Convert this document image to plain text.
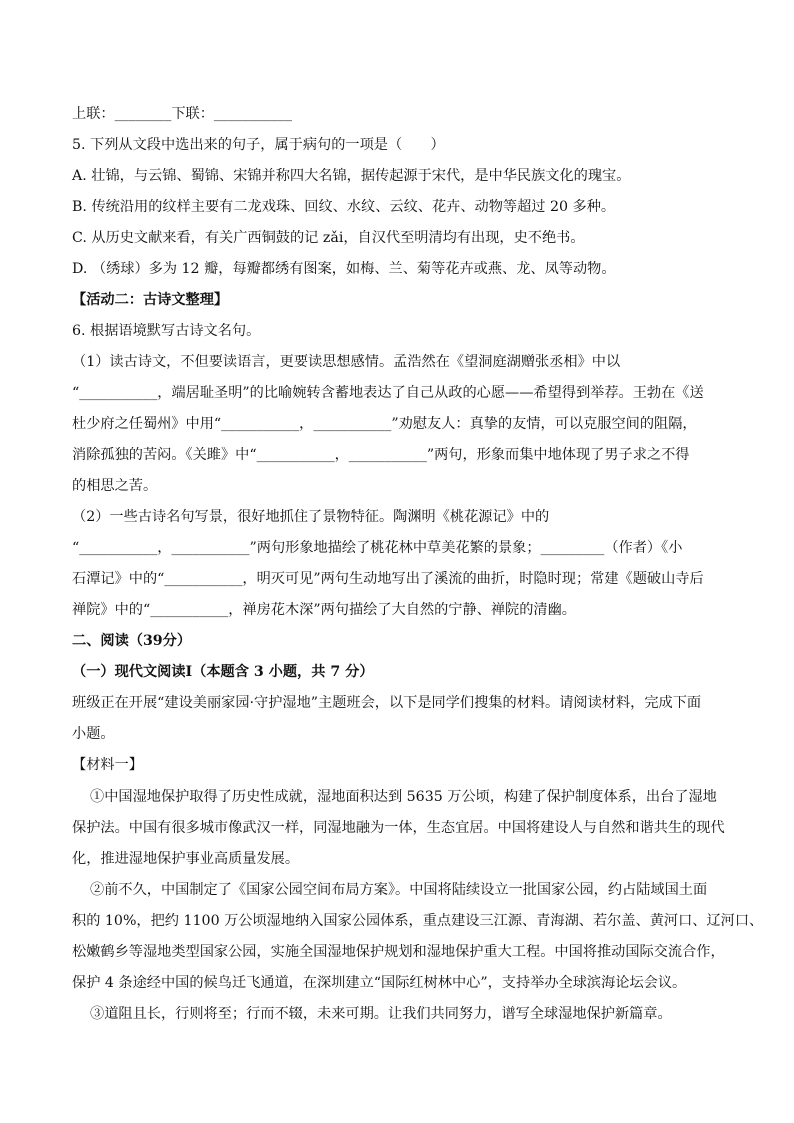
上联：________下联：___________
5. 下列从文段中选出来的句子，属于病句的一项是（　　）
A. 壮锦，与云锦、蜀锦、宋锦并称四大名锦，据传起源于宋代，是中华民族文化的瑰宝。
B. 传统沿用的纹样主要有二龙戏珠、回纹、水纹、云纹、花卉、动物等超过 20 多种。
C. 从历史文献来看，有关广西铜鼓的记 zǎi，自汉代至明清均有出现，史不绝书。
D. （绣球）多为 12 瓣，每瓣都绣有图案，如梅、兰、菊等花卉或燕、龙、凤等动物。
【活动二：古诗文整理】
6. 根据语境默写古诗文名句。
（1）读古诗文，不但要读语言，更要读思想感情。孟浩然在《望洞庭湖赠张丞相》中以
“___________，端居耻圣明”的比喻婉转含蓄地表达了自己从政的心愿——希望得到举荐。王勃在《送
杜少府之任蜀州》中用“___________，___________”劝慰友人：真挚的友情，可以克服空间的阻隔，
消除孤独的苦闷。《关雎》中“___________，___________”两句，形象而集中地体现了男子求之不得
的相思之苦。
（2）一些古诗名句写景，很好地抓住了景物特征。陶渊明《桃花源记》中的
“___________，___________”两句形象地描绘了桃花林中草美花繁的景象；_________（作者）《小
石潭记》中的“___________，明灭可见”两句生动地写出了溪流的曲折，时隐时现；常建《题破山寺后
禅院》中的“___________，禅房花木深”两句描绘了大自然的宁静、禅院的清幽。
二、阅读（39分）
（一）现代文阅读Ⅰ（本题含 3 小题，共 7 分）
班级正在开展“建设美丽家园·守护湿地”主题班会，以下是同学们搜集的材料。请阅读材料，完成下面
小题。
【材料一】
①中国湿地保护取得了历史性成就，湿地面积达到 5635 万公顷，构建了保护制度体系，出台了湿地
保护法。中国有很多城市像武汉一样，同湿地融为一体，生态宜居。中国将建设人与自然和谐共生的现代
化，推进湿地保护事业高质量发展。
②前不久，中国制定了《国家公园空间布局方案》。中国将陆续设立一批国家公园，约占陆域国土面
积的 10%，把约 1100 万公顷湿地纳入国家公园体系，重点建设三江源、青海湖、若尔盖、黄河口、辽河口、
松嫩鹤乡等湿地类型国家公园，实施全国湿地保护规划和湿地保护重大工程。中国将推动国际交流合作，
保护 4 条途经中国的候鸟迁飞通道，在深圳建立“国际红树林中心”，支持举办全球滨海论坛会议。
③道阻且长，行则将至；行而不辍，未来可期。让我们共同努力，谱写全球湿地保护新篇章。
